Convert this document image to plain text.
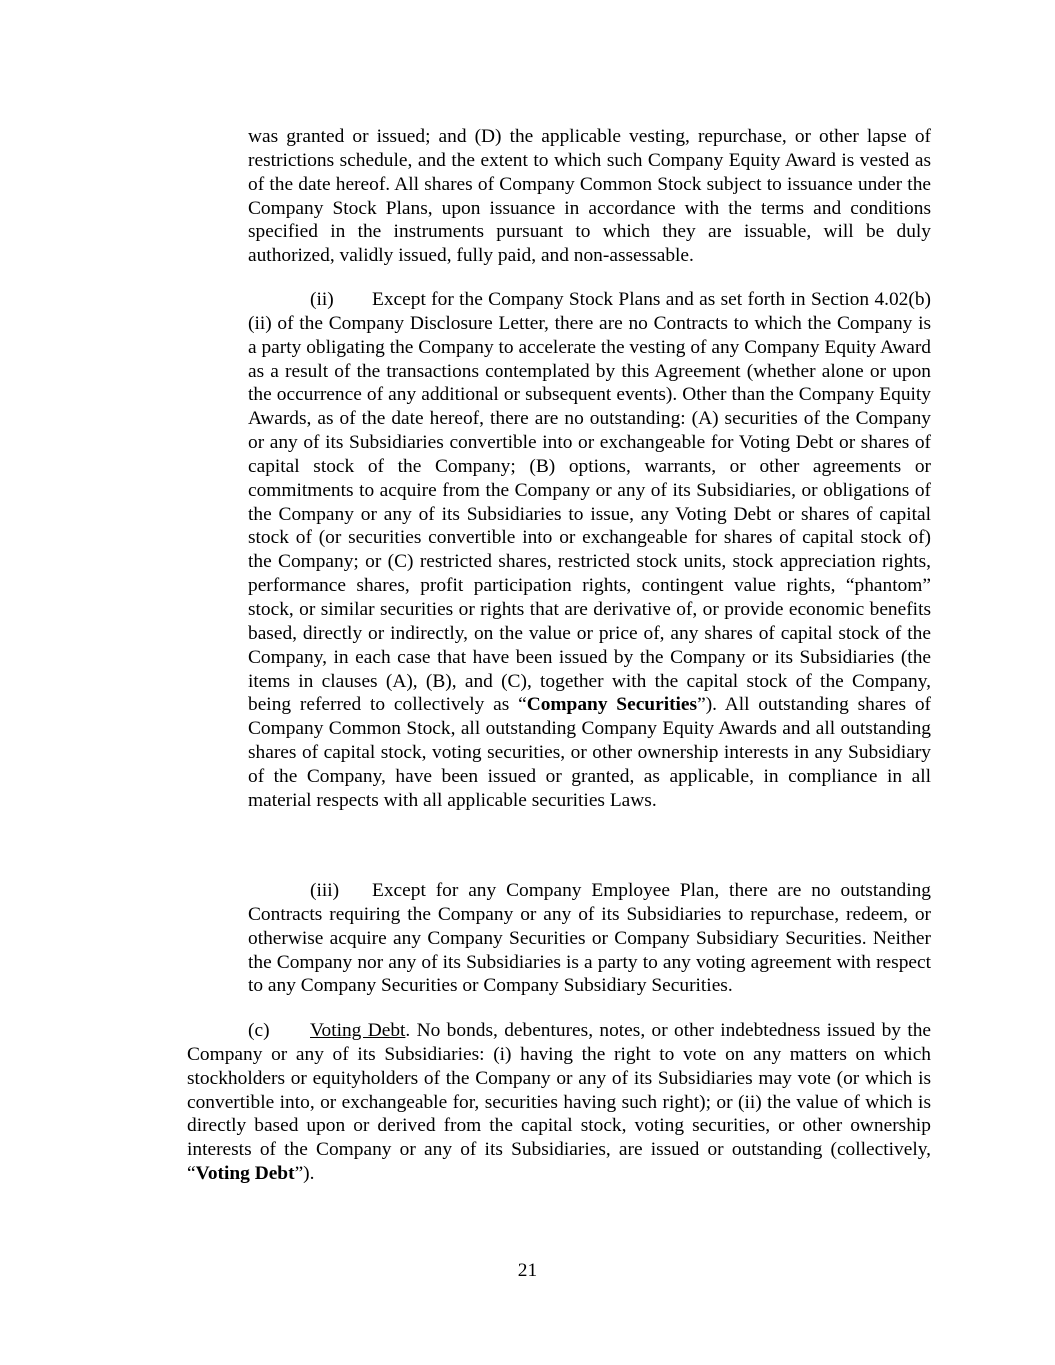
was granted or issued; and (D) the applicable vesting, repurchase, or other lapse of restrictions schedule, and the extent to which such Company Equity Award is vested as of the date hereof. All shares of Company Common Stock subject to issuance under the Company Stock Plans, upon issuance in accordance with the terms and conditions specified in the instruments pursuant to which they are issuable, will be duly authorized, validly issued, fully paid, and non-assessable.

(ii) Except for the Company Stock Plans and as set forth in Section 4.02(b)(ii) of the Company Disclosure Letter, there are no Contracts to which the Company is a party obligating the Company to accelerate the vesting of any Company Equity Award as a result of the transactions contemplated by this Agreement (whether alone or upon the occurrence of any additional or subsequent events). Other than the Company Equity Awards, as of the date hereof, there are no outstanding: (A) securities of the Company or any of its Subsidiaries convertible into or exchangeable for Voting Debt or shares of capital stock of the Company; (B) options, warrants, or other agreements or commitments to acquire from the Company or any of its Subsidiaries, or obligations of the Company or any of its Subsidiaries to issue, any Voting Debt or shares of capital stock of (or securities convertible into or exchangeable for shares of capital stock of) the Company; or (C) restricted shares, restricted stock units, stock appreciation rights, performance shares, profit participation rights, contingent value rights, “phantom” stock, or similar securities or rights that are derivative of, or provide economic benefits based, directly or indirectly, on the value or price of, any shares of capital stock of the Company, in each case that have been issued by the Company or its Subsidiaries (the items in clauses (A), (B), and (C), together with the capital stock of the Company, being referred to collectively as “Company Securities”). All outstanding shares of Company Common Stock, all outstanding Company Equity Awards and all outstanding shares of capital stock, voting securities, or other ownership interests in any Subsidiary of the Company, have been issued or granted, as applicable, in compliance in all material respects with all applicable securities Laws.

(iii) Except for any Company Employee Plan, there are no outstanding Contracts requiring the Company or any of its Subsidiaries to repurchase, redeem, or otherwise acquire any Company Securities or Company Subsidiary Securities. Neither the Company nor any of its Subsidiaries is a party to any voting agreement with respect to any Company Securities or Company Subsidiary Securities.

(c) Voting Debt. No bonds, debentures, notes, or other indebtedness issued by the Company or any of its Subsidiaries: (i) having the right to vote on any matters on which stockholders or equityholders of the Company or any of its Subsidiaries may vote (or which is convertible into, or exchangeable for, securities having such right); or (ii) the value of which is directly based upon or derived from the capital stock, voting securities, or other ownership interests of the Company or any of its Subsidiaries, are issued or outstanding (collectively, “Voting Debt”).

21
